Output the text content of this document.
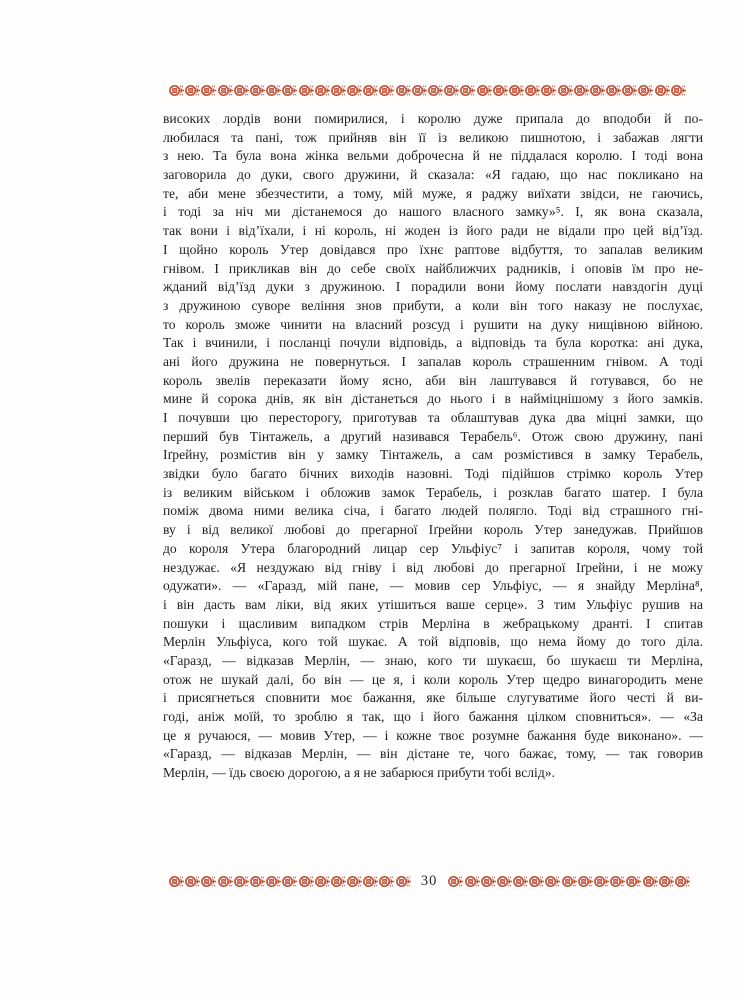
високих лордів вони помирилися, і королю дуже припала до вподоби й по-
любилася та пані, тож прийняв він її із великою пишнотою, і забажав лягти
з нею. Та була вона жінка вельми доброчесна й не піддалася королю. І тоді вона
заговорила до дуки, свого дружини, й сказала: «Я гадаю, що нас покликано на
те, аби мене збезчестити, а тому, мій муже, я раджу виїхати звідси, не гаючись,
і тоді за ніч ми дістанемося до нашого власного замку»⁵. І, як вона сказала,
так вони і від’їхали, і ні король, ні жоден із його ради не відали про цей від’їзд.
І щойно король Утер довідався про їхнє раптове відбуття, то запалав великим
гнівом. І прикликав він до себе своїх найближчих радників, і оповів їм про не-
жданий від’їзд дуки з дружиною. І порадили вони йому послати навздогін дуці
з дружиною суворе веління знов прибути, а коли він того наказу не послухає,
то король зможе чинити на власний розсуд і рушити на дуку нищівною війною.
Так і вчинили, і посланці почули відповідь, а відповідь та була коротка: ані дука,
ані його дружина не повернуться. І запалав король страшенним гнівом. А тоді
король звелів переказати йому ясно, аби він лаштувався й готувався, бо не
мине й сорока днів, як він дістанеться до нього і в найміцнішому з його замків.
І почувши цю пересторогу, приготував та облаштував дука два міцні замки, що
перший був Тінтажель, а другий називався Терабель⁶. Отож свою дружину, пані
Іґрейну, розмістив він у замку Тінтажель, а сам розмістився в замку Терабель,
звідки було багато бічних виходів назовні. Тоді підійшов стрімко король Утер
із великим військом і обложив замок Терабель, і розклав багато шатер. І була
поміж двома ними велика січа, і багато людей полягло. Тоді від страшного гні-
ву і від великої любові до прегарної Іґрейни король Утер занедужав. Прийшов
до короля Утера благородний лицар сер Ульфіус⁷ і запитав короля, чому той
нездужає. «Я нездужаю від гніву і від любові до прегарної Іґрейни, і не можу
одужати». — «Гаразд, мій пане, — мовив сер Ульфіус, — я знайду Мерліна⁸,
і він дасть вам ліки, від яких утішиться ваше серце». З тим Ульфіус рушив на
пошуки і щасливим випадком стрів Мерліна в жебрацькому дранті. І спитав
Мерлін Ульфіуса, кого той шукає. А той відповів, що нема йому до того діла.
«Гаразд, — відказав Мерлін, — знаю, кого ти шукаєш, бо шукаєш ти Мерліна,
отож не шукай далі, бо він — це я, і коли король Утер щедро винагородить мене
і присягнеться сповнити моє бажання, яке більше слугуватиме його честі й ви-
годі, аніж моїй, то зроблю я так, що і його бажання цілком сповниться». — «За
це я ручаюся, — мовив Утер, — і кожне твоє розумне бажання буде виконано». —
«Гаразд, — відказав Мерлін, — він дістане те, чого бажає, тому, — так говорив
Мерлін, — їдь своєю дорогою, а я не забарюся прибути тобі вслід».
30
